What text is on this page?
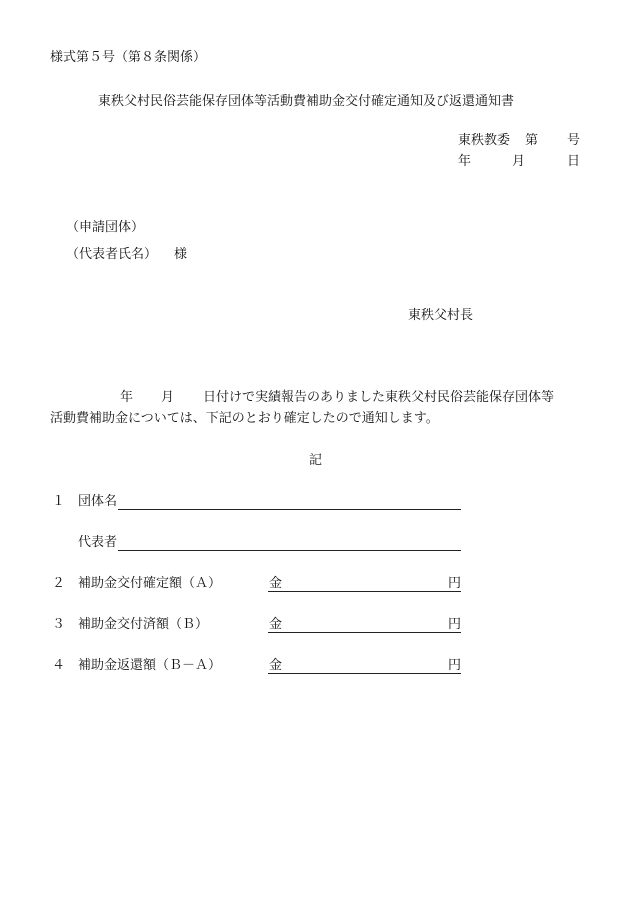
様式第５号（第８条関係）
東秩父村民俗芸能保存団体等活動費補助金交付確定通知及び返還通知書
東秩教委 第 号
年	月	日
（申請団体）
（代表者氏名） 様
東秩父村長
年 月 日付けで実績報告のありました東秩父村民俗芸能保存団体等
活動費補助金については、下記のとおり確定したので通知します。
記
１ 団体名
代表者
２ 補助金交付確定額（Ａ）	金	円
３ 補助金交付済額（Ｂ）	金	円
４ 補助金返還額（Ｂ－Ａ）	金	円
